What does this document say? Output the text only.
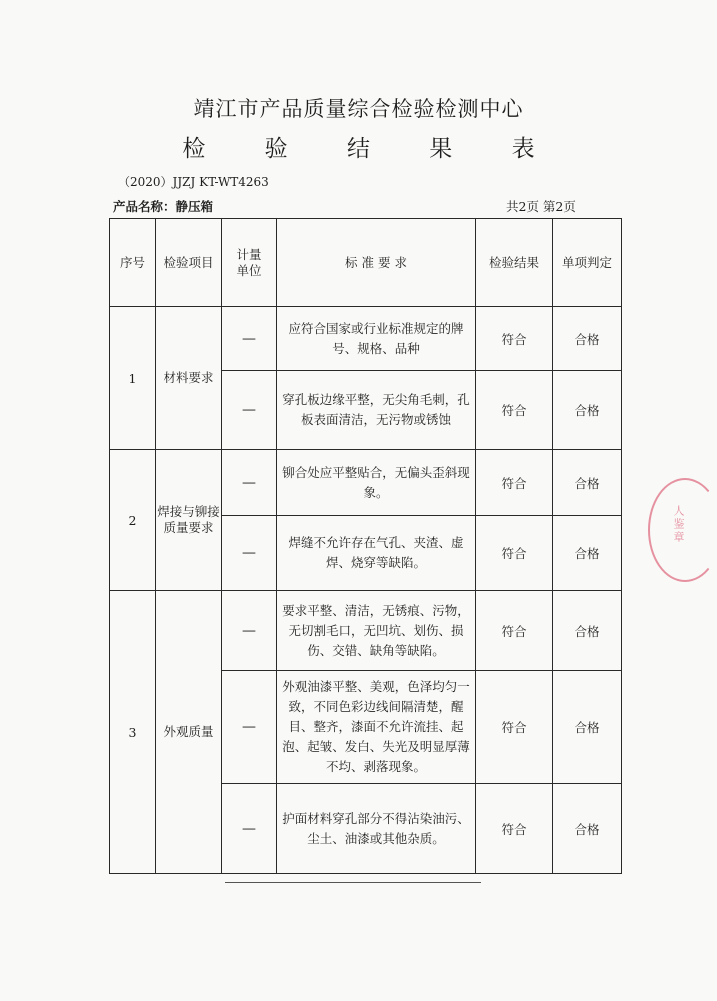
靖江市产品质量综合检验检测中心
检 验 结 果 表
（2020）JJZJ KT-WT4263
产品名称：静压箱	共2页 第2页
序号	检验项目	计量单位	标 准 要 求	检验结果	单项判定
1	材料要求	—	应符合国家或行业标准规定的牌号、规格、品种	符合	合格
		—	穿孔板边缘平整，无尖角毛刺，孔板表面清洁，无污物或锈蚀	符合	合格
2	焊接与铆接质量要求	—	铆合处应平整贴合，无偏头歪斜现象。	符合	合格
		—	焊缝不允许存在气孔、夹渣、虚焊、烧穿等缺陷。	符合	合格
3	外观质量	—	要求平整、清洁，无锈痕、污物，无切割毛口，无凹坑、划伤、损伤、交错、缺角等缺陷。	符合	合格
		—	外观油漆平整、美观，色泽均匀一致，不同色彩边线间隔清楚，醒目、整齐，漆面不允许流挂、起泡、起皱、发白、失光及明显厚薄不均、剥落现象。	符合	合格
		—	护面材料穿孔部分不得沾染油污、尘土、油漆或其他杂质。	符合	合格
人鉴章
